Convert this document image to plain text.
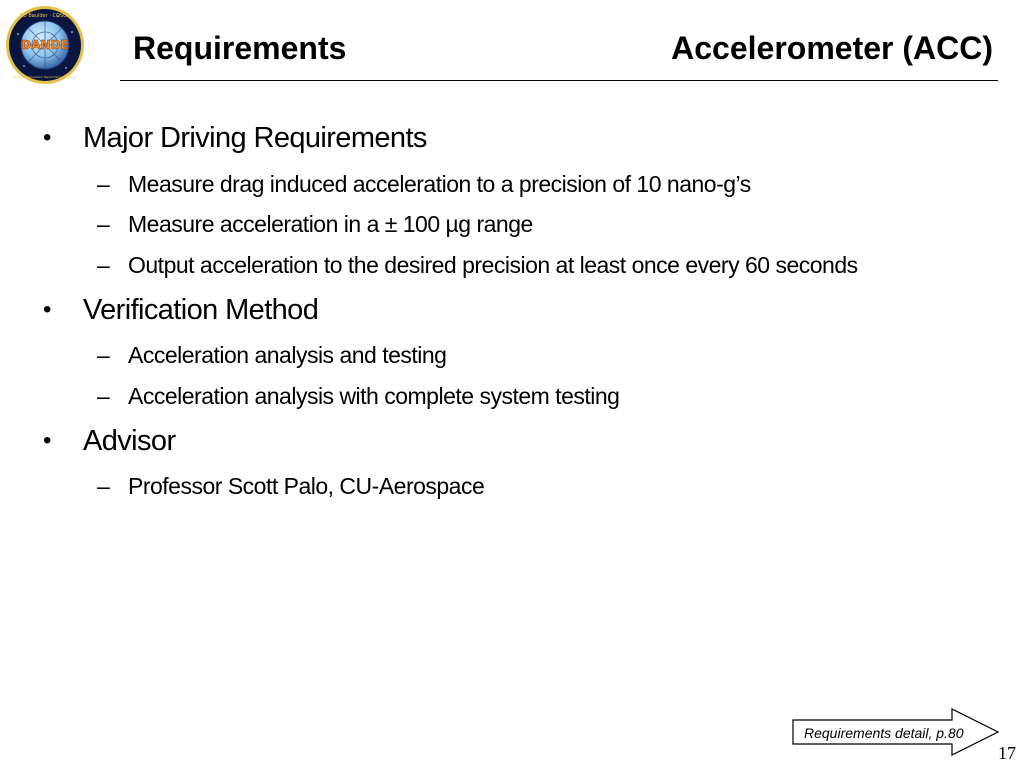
DANDE
CU Boulder · COSGC
Drag and Atmospheric Neutral Density Explorer
Requirements	Accelerometer (ACC)
• Major Driving Requirements
– Measure drag induced acceleration to a precision of 10 nano-g’s
– Measure acceleration in a ± 100 µg range
– Output acceleration to the desired precision at least once every 60 seconds
• Verification Method
– Acceleration analysis and testing
– Acceleration analysis with complete system testing
• Advisor
– Professor Scott Palo, CU-Aerospace
Requirements detail, p.80
17
